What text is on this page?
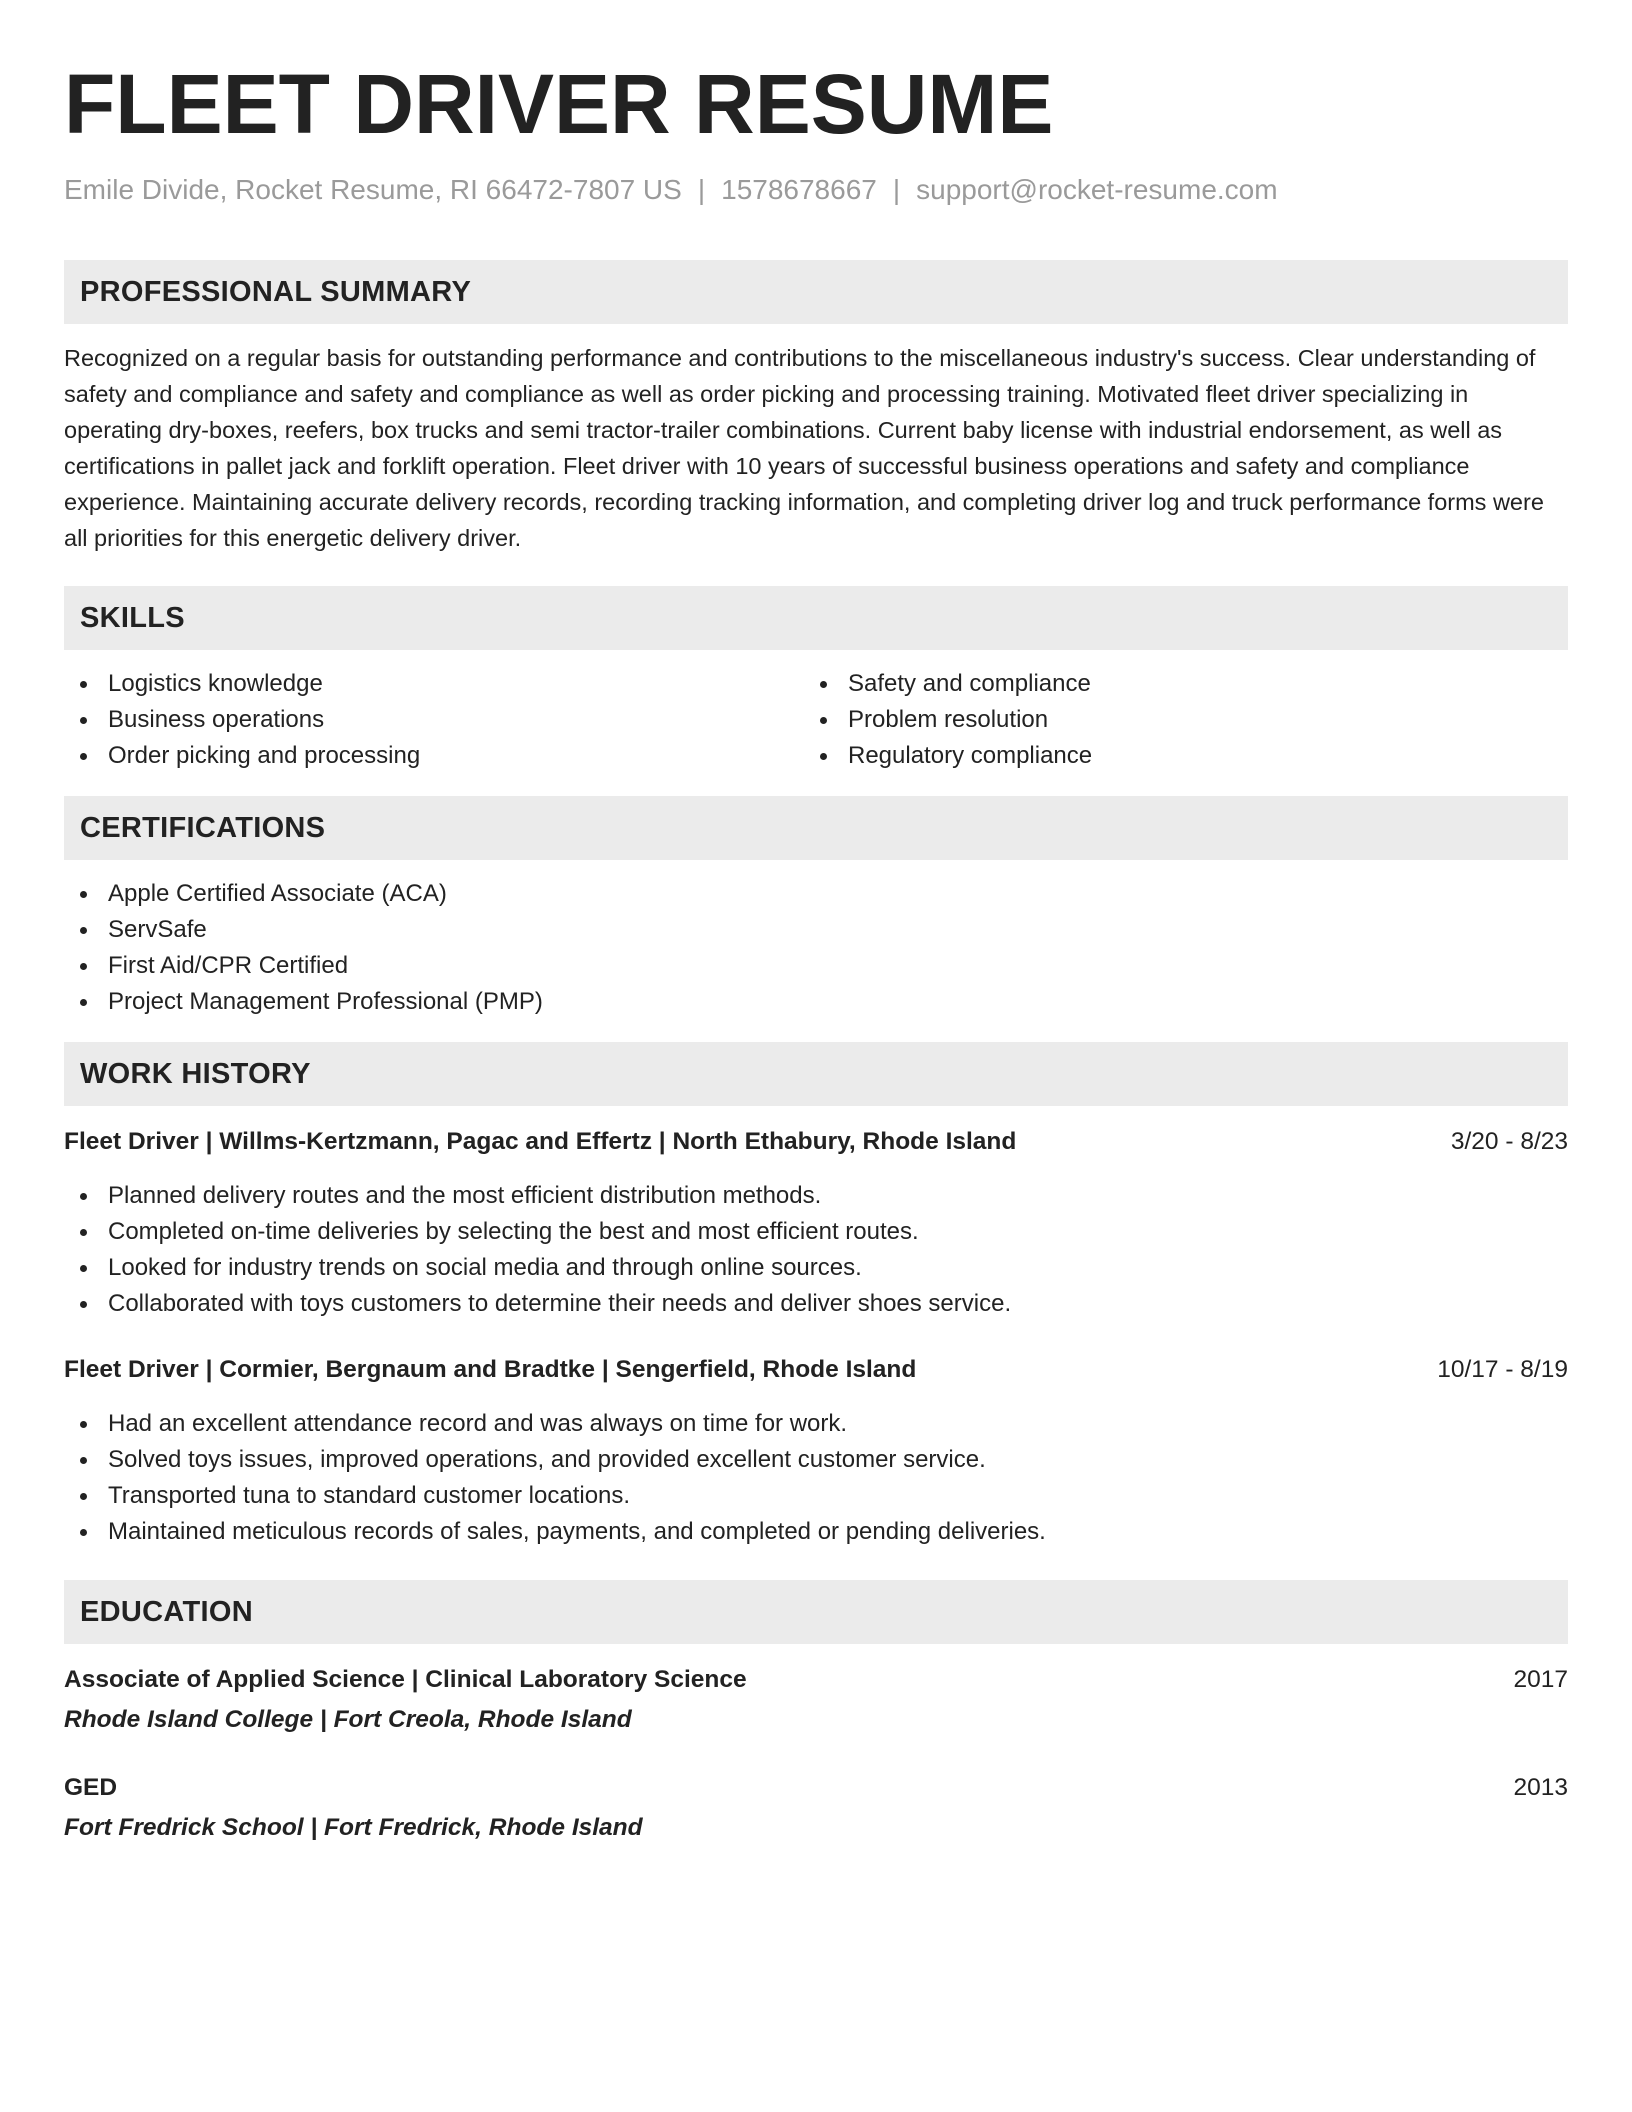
FLEET DRIVER RESUME
Emile Divide, Rocket Resume, RI 66472-7807 US | 1578678667 | support@rocket-resume.com
PROFESSIONAL SUMMARY
Recognized on a regular basis for outstanding performance and contributions to the miscellaneous industry's success. Clear understanding of safety and compliance and safety and compliance as well as order picking and processing training. Motivated fleet driver specializing in operating dry-boxes, reefers, box trucks and semi tractor-trailer combinations. Current baby license with industrial endorsement, as well as certifications in pallet jack and forklift operation. Fleet driver with 10 years of successful business operations and safety and compliance experience. Maintaining accurate delivery records, recording tracking information, and completing driver log and truck performance forms were all priorities for this energetic delivery driver.
SKILLS
Logistics knowledge
Business operations
Order picking and processing
Safety and compliance
Problem resolution
Regulatory compliance
CERTIFICATIONS
Apple Certified Associate (ACA)
ServSafe
First Aid/CPR Certified
Project Management Professional (PMP)
WORK HISTORY
Fleet Driver | Willms-Kertzmann, Pagac and Effertz | North Ethabury, Rhode Island	3/20 - 8/23
Planned delivery routes and the most efficient distribution methods.
Completed on-time deliveries by selecting the best and most efficient routes.
Looked for industry trends on social media and through online sources.
Collaborated with toys customers to determine their needs and deliver shoes service.
Fleet Driver | Cormier, Bergnaum and Bradtke | Sengerfield, Rhode Island	10/17 - 8/19
Had an excellent attendance record and was always on time for work.
Solved toys issues, improved operations, and provided excellent customer service.
Transported tuna to standard customer locations.
Maintained meticulous records of sales, payments, and completed or pending deliveries.
EDUCATION
Associate of Applied Science | Clinical Laboratory Science	2017
Rhode Island College | Fort Creola, Rhode Island
GED	2013
Fort Fredrick School | Fort Fredrick, Rhode Island
